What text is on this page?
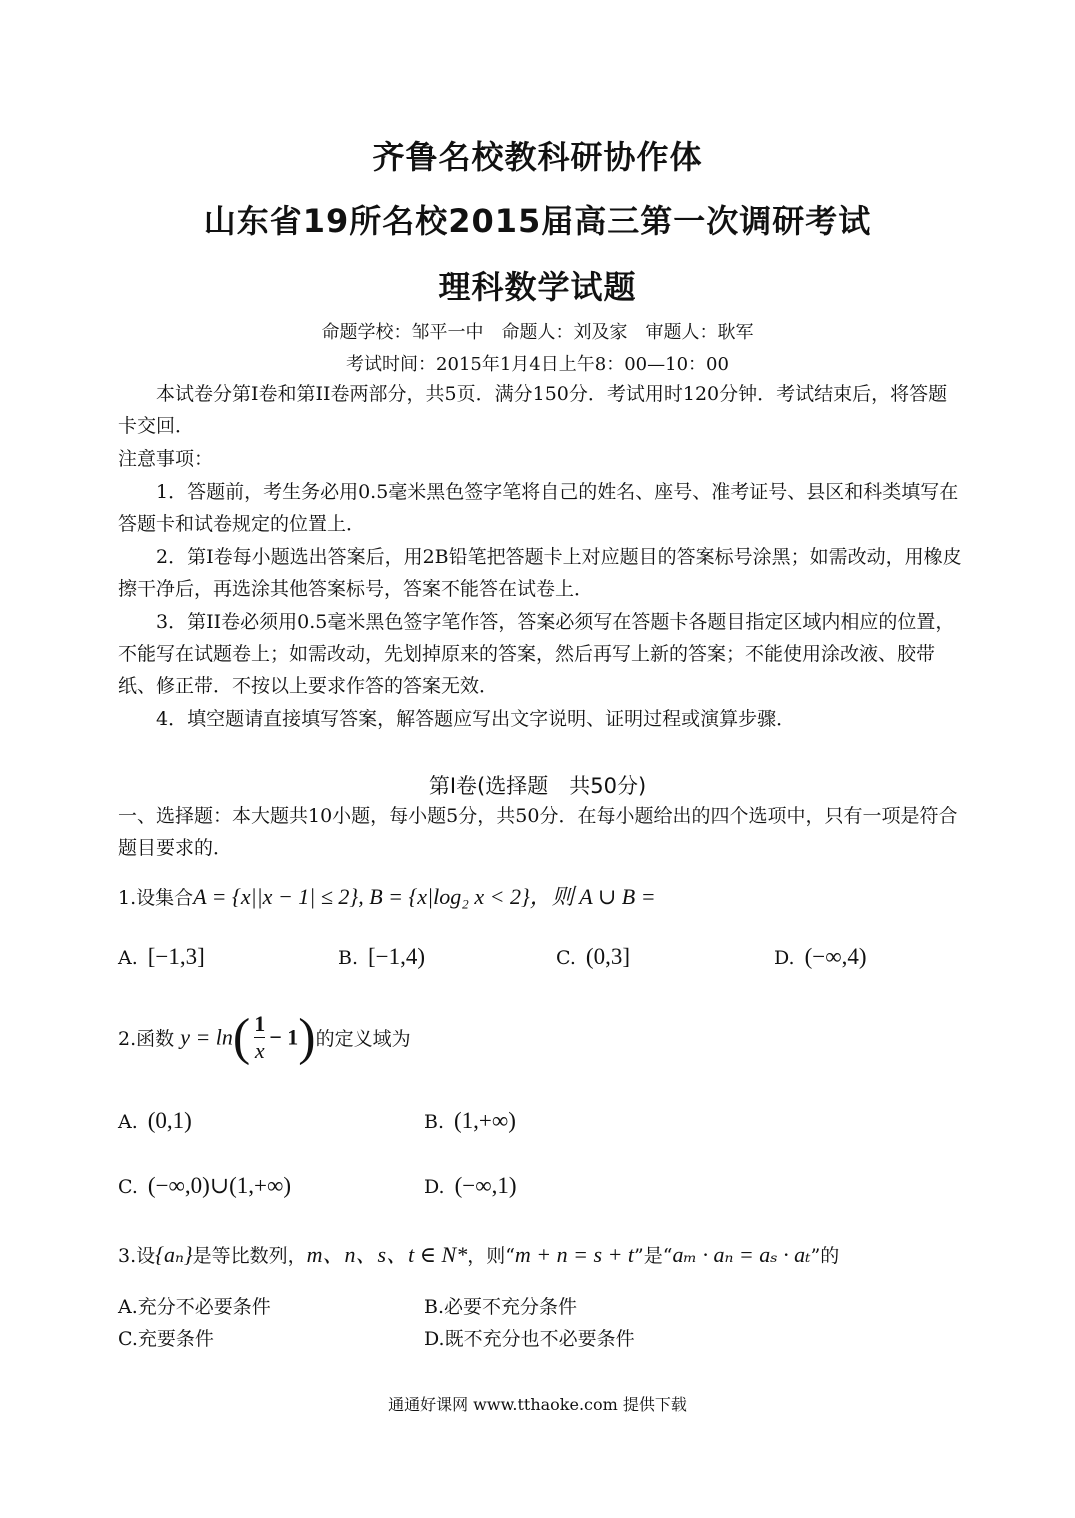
齐鲁名校教科研协作体
山东省19所名校2015届高三第一次调研考试
理科数学试题
命题学校：邹平一中　命题人：刘及家　审题人：耿军
考试时间：2015年1月4日上午8：00—10：00
本试卷分第I卷和第II卷两部分，共5页．满分150分．考试用时120分钟．考试结束后，将答题卡交回．
注意事项：
1．答题前，考生务必用0.5毫米黑色签字笔将自己的姓名、座号、准考证号、县区和科类填写在答题卡和试卷规定的位置上．
2．第I卷每小题选出答案后，用2B铅笔把答题卡上对应题目的答案标号涂黑；如需改动，用橡皮擦干净后，再选涂其他答案标号，答案不能答在试卷上．
3．第II卷必须用0.5毫米黑色签字笔作答，答案必须写在答题卡各题目指定区域内相应的位置，不能写在试题卷上；如需改动，先划掉原来的答案，然后再写上新的答案；不能使用涂改液、胶带纸、修正带．不按以上要求作答的答案无效．
4．填空题请直接填写答案，解答题应写出文字说明、证明过程或演算步骤．
第Ⅰ卷(选择题　共50分)
一、选择题：本大题共10小题，每小题5分，共50分．在每小题给出的四个选项中，只有一项是符合题目要求的．
1.设集合A = {x||x − 1| ≤ 2}, B = {x|log₂ x < 2}，则 A ∪ B =
A. [−1,3]	B. [−1,4)	C. (0,3]	D. (−∞,4)
2.函数 $y = \ln( \frac{1}{x} - 1)$的定义域为
A. (0,1)	B. (1,+∞)
C. (−∞,0)∪(1,+∞)	D. (−∞,1)
3.设{aₙ}是等比数列，m、n、s、t ∈ N*，则“m + n = s + t”是“aₘ · aₙ = aₛ · aₜ”的
A.充分不必要条件	B.必要不充分条件
C.充要条件	D.既不充分也不必要条件
通通好课网 www.tthaoke.com 提供下载
